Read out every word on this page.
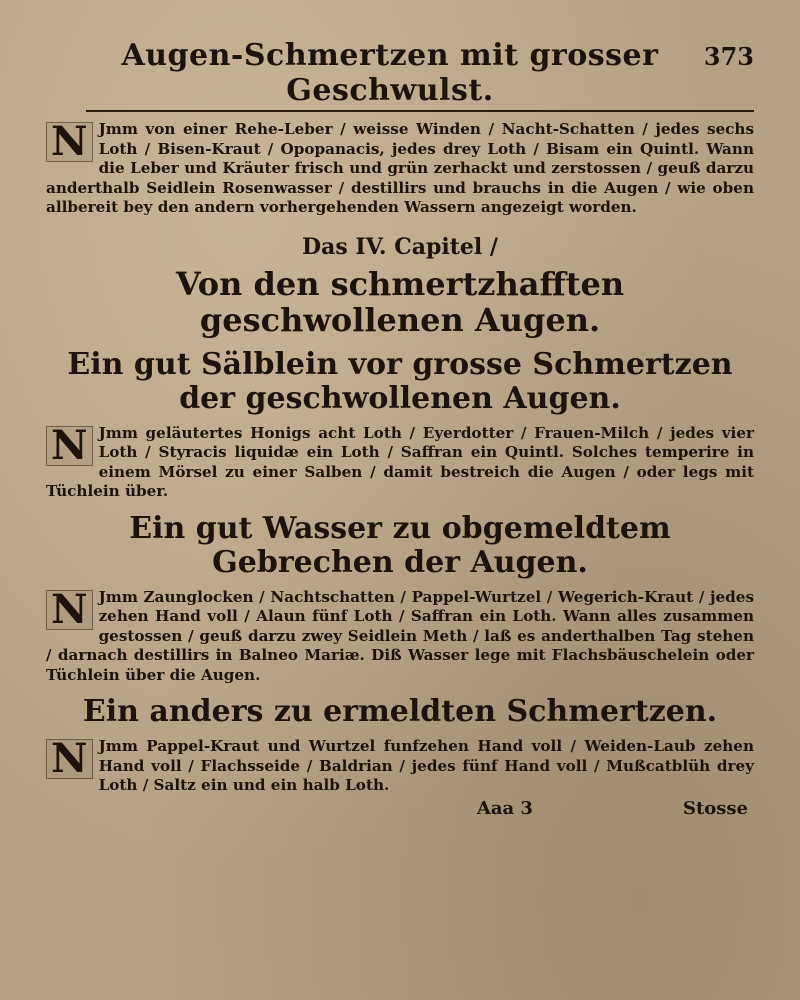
Augen-Schmertzen mit grosser Geschwulst.
373

N Jmm von einer Rehe-Leber / weisse Winden / Nacht-Schatten / jedes sechs Loth / Bisen-Kraut / Opopanacis, jedes drey Loth / Bisam ein Quintl. Wann die Leber und Kräuter frisch und grün zerhackt und zerstossen / geuß darzu anderthalb Seidlein Rosenwasser / destillirs und brauchs in die Augen / wie oben allbereit bey den andern vorhergehenden Wassern angezeigt worden.

Das IV. Capitel /
Von den schmertzhafften geschwollenen Augen.
Ein gut Sälblein vor grosse Schmertzen der geschwollenen Augen.

N Jmm geläutertes Honigs acht Loth / Eyerdotter / Frauen-Milch / jedes vier Loth / Styracis liquidæ ein Loth / Saffran ein Quintl. Solches temperire in einem Mörsel zu einer Salben / damit bestreich die Augen / oder legs mit Tüchlein über.

Ein gut Wasser zu obgemeldtem Gebrechen der Augen.

N Jmm Zaunglocken / Nachtschatten / Pappel-Wurtzel / Wegerich-Kraut / jedes zehen Hand voll / Alaun fünf Loth / Saffran ein Loth. Wann alles zusammen gestossen / geuß darzu zwey Seidlein Meth / laß es anderthalben Tag stehen / darnach destillirs in Balneo Mariæ. Diß Wasser lege mit Flachsbäuschelein oder Tüchlein über die Augen.

Ein anders zu ermeldten Schmertzen.

N Jmm Pappel-Kraut und Wurtzel funfzehen Hand voll / Weiden-Laub zehen Hand voll / Flachsseide / Baldrian / jedes fünf Hand voll / Mußcatblüh drey Loth / Saltz ein und ein halb Loth.

Aaa 3	Stosse
